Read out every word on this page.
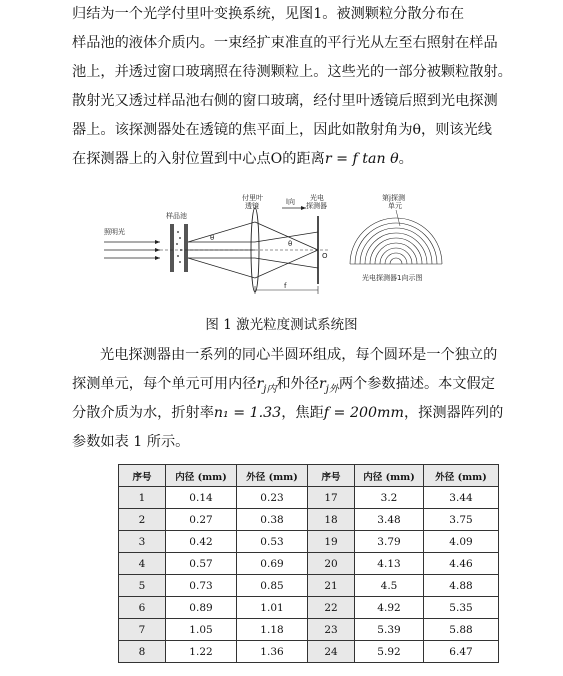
归结为一个光学付里叶变换系统，见图1。被测颗粒分散分布在
样品池的液体介质内。一束经扩束准直的平行光从左至右照射在样品
池上，并透过窗口玻璃照在待测颗粒上。这些光的一部分被颗粒散射。
散射光又透过样品池右侧的窗口玻璃，经付里叶透镜后照到光电探测
器上。该探测器处在透镜的焦平面上，因此如散射角为θ，则该光线
在探测器上的入射位置到中心点O的距离r = f tan θ。
照明光
样品池
θ
付里叶透镜
θ
l向	光电探测器
O
f
第j探测单元
光电探测器1向示图
图 1 激光粒度测试系统图
光电探测器由一系列的同心半圆环组成，每个圆环是一个独立的
探测单元，每个单元可用内径$r_{j内}$和外径$r_{j外}$两个参数描述。本文假定
分散介质为水，折射率n₁ = 1.33，焦距f = 200mm，探测器阵列的
参数如表 1 所示。
序号	内径 (mm)	外径 (mm)	序号	内径 (mm)	外径 (mm)
1	0.14	0.23	17	3.2	3.44
2	0.27	0.38	18	3.48	3.75
3	0.42	0.53	19	3.79	4.09
4	0.57	0.69	20	4.13	4.46
5	0.73	0.85	21	4.5	4.88
6	0.89	1.01	22	4.92	5.35
7	1.05	1.18	23	5.39	5.88
8	1.22	1.36	24	5.92	6.47
